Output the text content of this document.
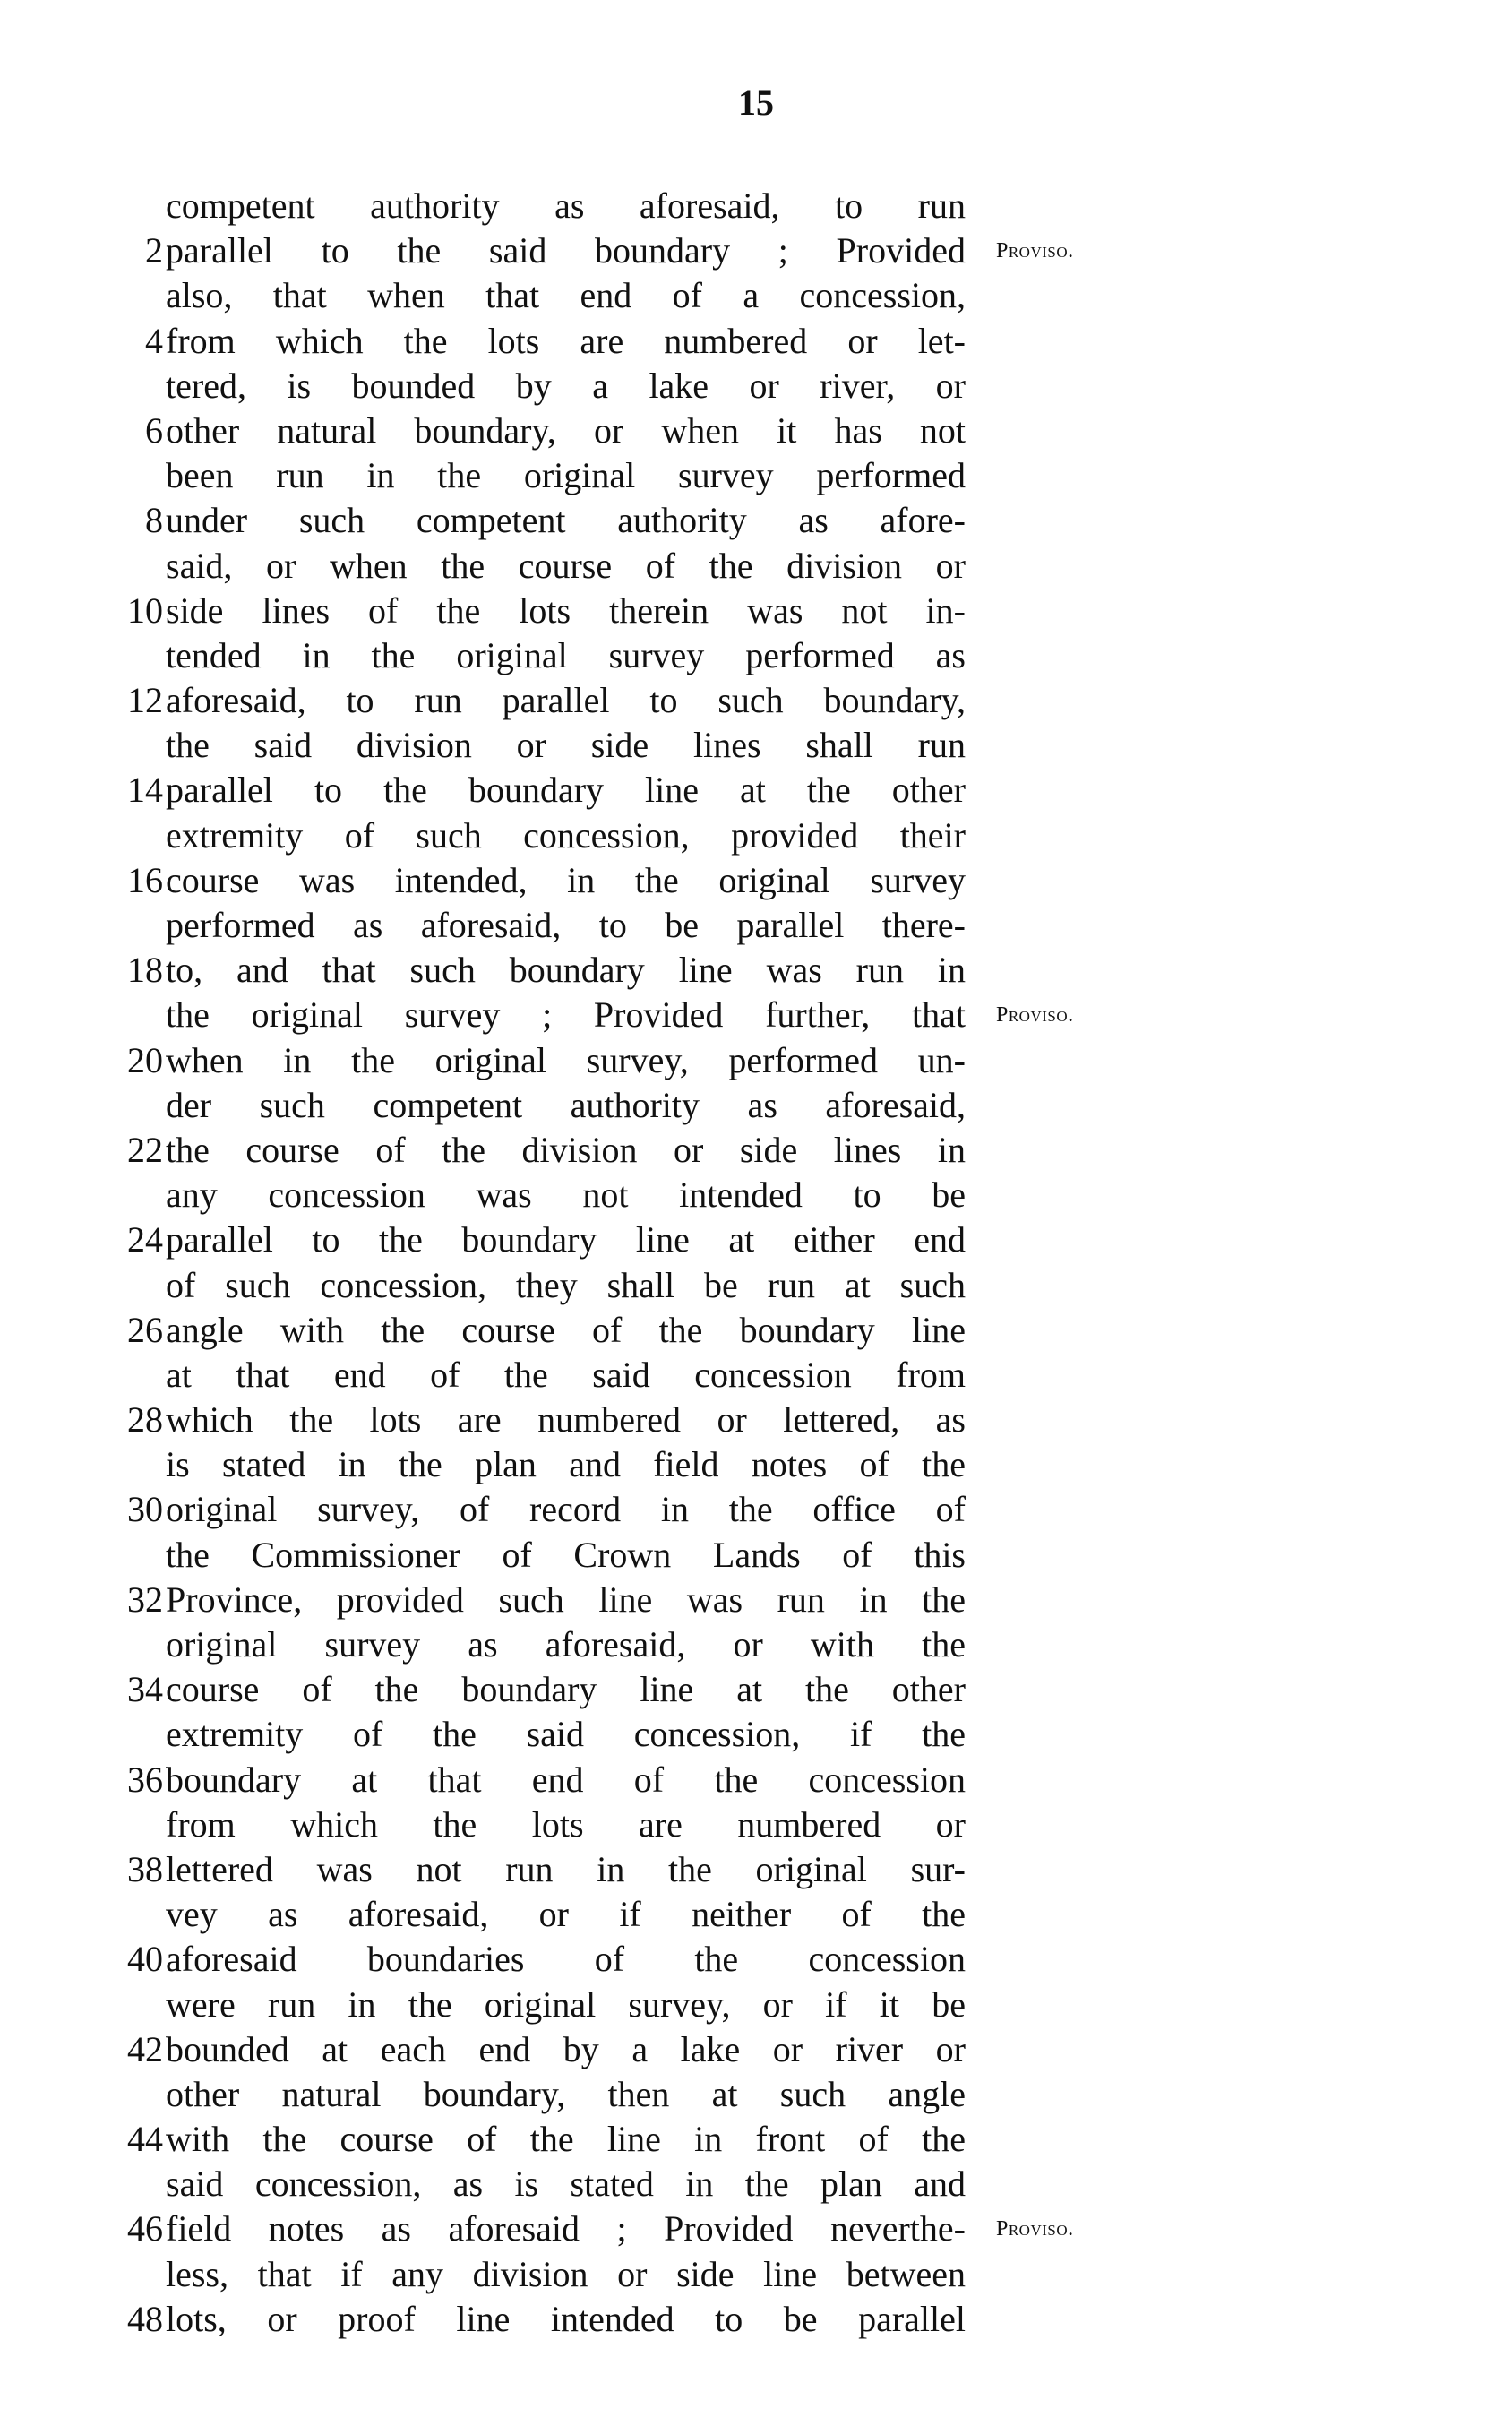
15
competent authority as aforesaid, to run
2 parallel to the said boundary ; Provided Proviso.
also, that when that end of a concession,
4 from which the lots are numbered or let-
tered, is bounded by a lake or river, or
6 other natural boundary, or when it has not
been run in the original survey performed
8 under such competent authority as afore-
said, or when the course of the division or
10 side lines of the lots therein was not in-
tended in the original survey performed as
12 aforesaid, to run parallel to such boundary,
the said division or side lines shall run
14 parallel to the boundary line at the other
extremity of such concession, provided their
16 course was intended, in the original survey
performed as aforesaid, to be parallel there-
18 to, and that such boundary line was run in
the original survey ; Provided further, that Proviso.
20 when in the original survey, performed un-
der such competent authority as aforesaid,
22 the course of the division or side lines in
any concession was not intended to be
24 parallel to the boundary line at either end
of such concession, they shall be run at such
26 angle with the course of the boundary line
at that end of the said concession from
28 which the lots are numbered or lettered, as
is stated in the plan and field notes of the
30 original survey, of record in the office of
the Commissioner of Crown Lands of this
32 Province, provided such line was run in the
original survey as aforesaid, or with the
34 course of the boundary line at the other
extremity of the said concession, if the
36 boundary at that end of the concession
from which the lots are numbered or
38 lettered was not run in the original sur-
vey as aforesaid, or if neither of the
40 aforesaid boundaries of the concession
were run in the original survey, or if it be
42 bounded at each end by a lake or river or
other natural boundary, then at such angle
44 with the course of the line in front of the
said concession, as is stated in the plan and
46 field notes as aforesaid ; Provided neverthe- Proviso.
less, that if any division or side line between
48 lots, or proof line intended to be parallel
